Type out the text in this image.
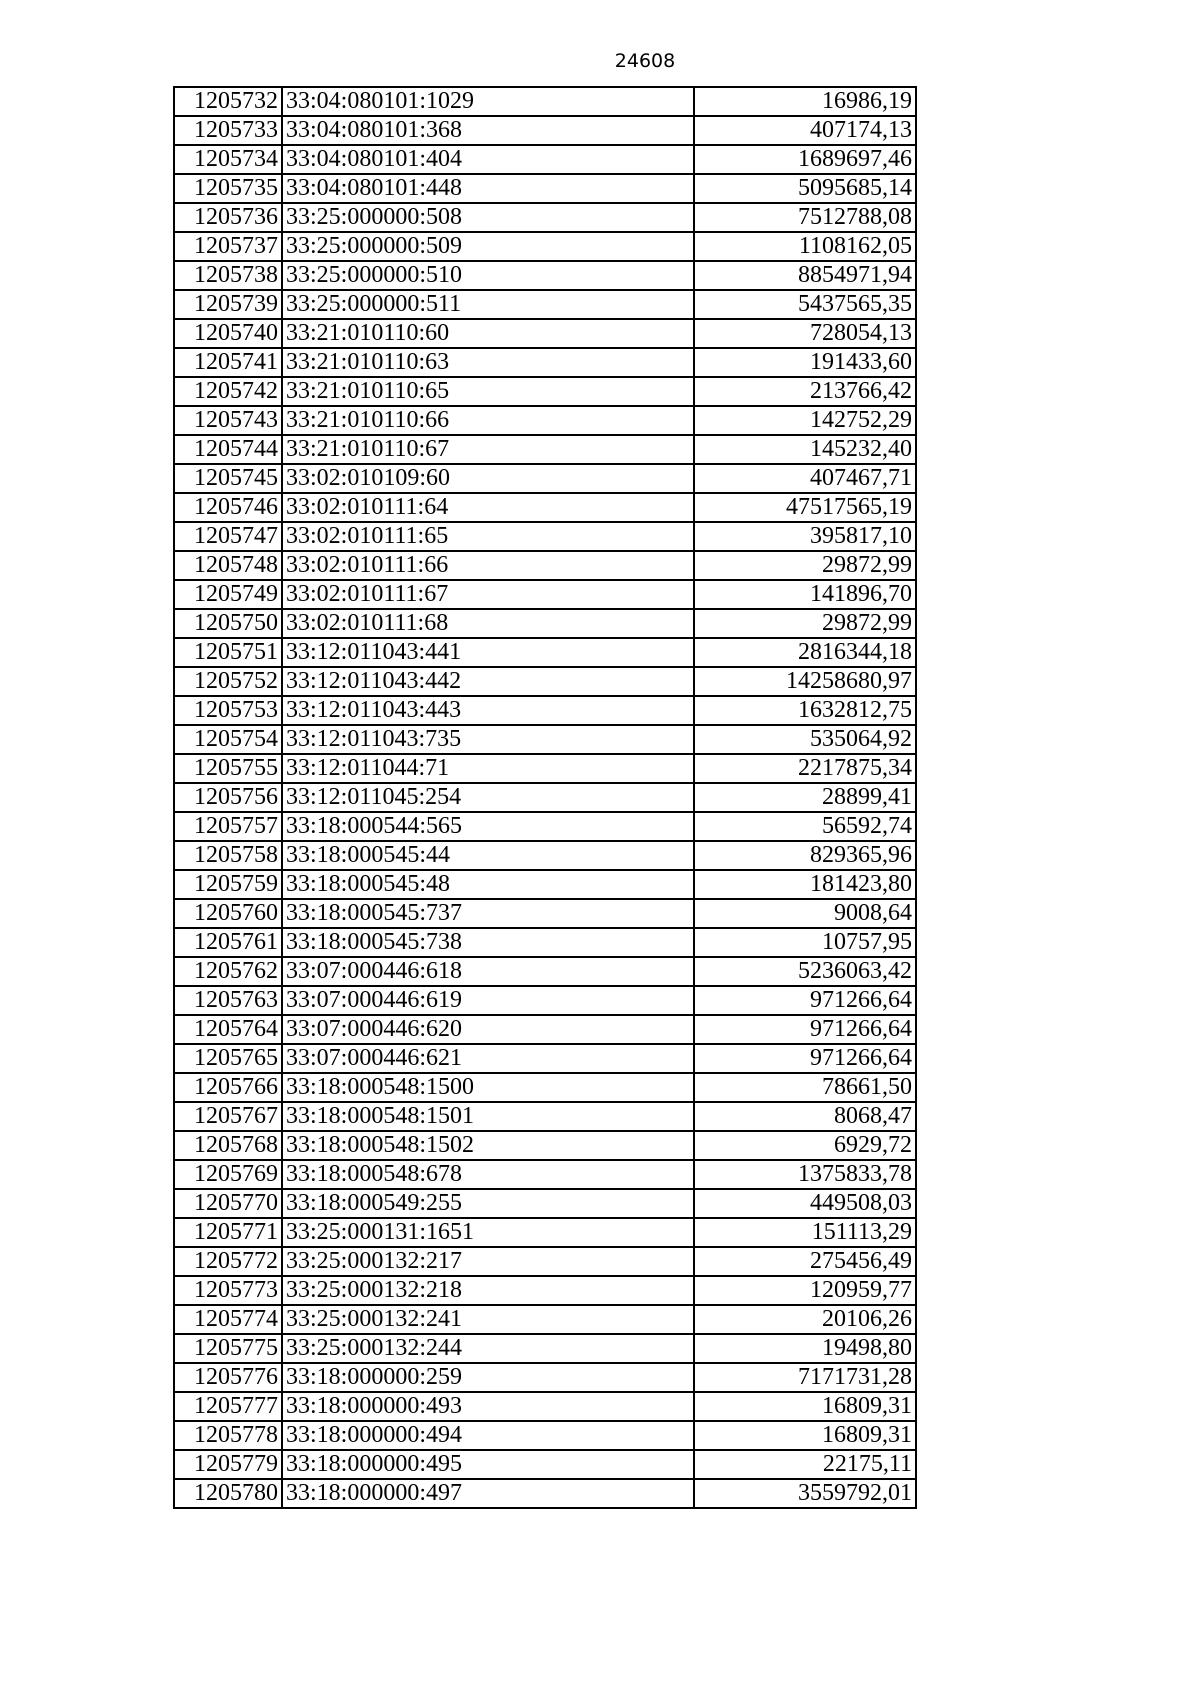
24608
1205732	33:04:080101:1029	16986,19
1205733	33:04:080101:368	407174,13
1205734	33:04:080101:404	1689697,46
1205735	33:04:080101:448	5095685,14
1205736	33:25:000000:508	7512788,08
1205737	33:25:000000:509	1108162,05
1205738	33:25:000000:510	8854971,94
1205739	33:25:000000:511	5437565,35
1205740	33:21:010110:60	728054,13
1205741	33:21:010110:63	191433,60
1205742	33:21:010110:65	213766,42
1205743	33:21:010110:66	142752,29
1205744	33:21:010110:67	145232,40
1205745	33:02:010109:60	407467,71
1205746	33:02:010111:64	47517565,19
1205747	33:02:010111:65	395817,10
1205748	33:02:010111:66	29872,99
1205749	33:02:010111:67	141896,70
1205750	33:02:010111:68	29872,99
1205751	33:12:011043:441	2816344,18
1205752	33:12:011043:442	14258680,97
1205753	33:12:011043:443	1632812,75
1205754	33:12:011043:735	535064,92
1205755	33:12:011044:71	2217875,34
1205756	33:12:011045:254	28899,41
1205757	33:18:000544:565	56592,74
1205758	33:18:000545:44	829365,96
1205759	33:18:000545:48	181423,80
1205760	33:18:000545:737	9008,64
1205761	33:18:000545:738	10757,95
1205762	33:07:000446:618	5236063,42
1205763	33:07:000446:619	971266,64
1205764	33:07:000446:620	971266,64
1205765	33:07:000446:621	971266,64
1205766	33:18:000548:1500	78661,50
1205767	33:18:000548:1501	8068,47
1205768	33:18:000548:1502	6929,72
1205769	33:18:000548:678	1375833,78
1205770	33:18:000549:255	449508,03
1205771	33:25:000131:1651	151113,29
1205772	33:25:000132:217	275456,49
1205773	33:25:000132:218	120959,77
1205774	33:25:000132:241	20106,26
1205775	33:25:000132:244	19498,80
1205776	33:18:000000:259	7171731,28
1205777	33:18:000000:493	16809,31
1205778	33:18:000000:494	16809,31
1205779	33:18:000000:495	22175,11
1205780	33:18:000000:497	3559792,01
